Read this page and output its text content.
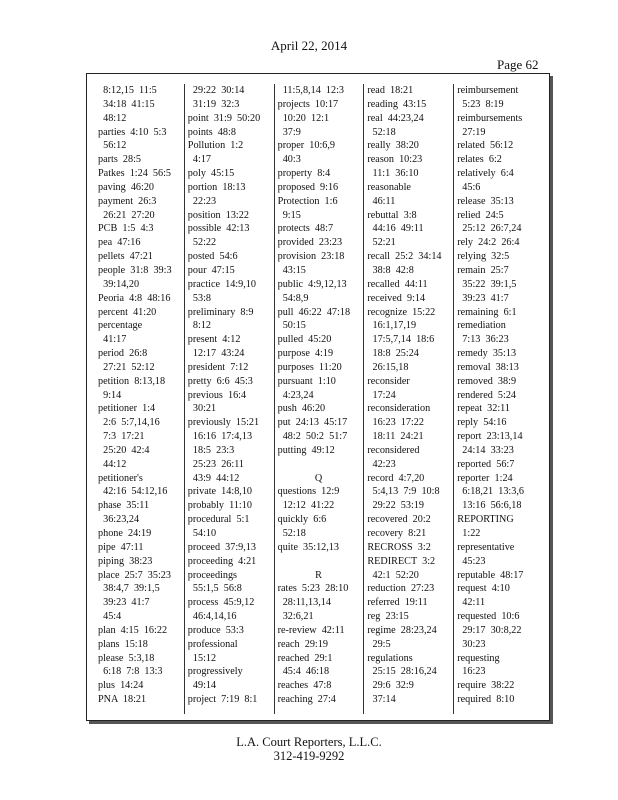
April 22, 2014
Page 62
8:12,15  11:5
34:18  41:15
48:12
parties  4:10  5:3
56:12
parts  28:5
Patkes  1:24  56:5
paving  46:20
payment  26:3
26:21  27:20
PCB  1:5  4:3
pea  47:16
pellets  47:21
people  31:8  39:3
39:14,20
Peoria  4:8  48:16
percent  41:20
percentage
41:17
period  26:8
27:21  52:12
petition  8:13,18
9:14
petitioner  1:4
2:6  5:7,14,16
7:3  17:21
25:20  42:4
44:12
petitioner's
42:16  54:12,16
phase  35:11
36:23,24
phone  24:19
pipe  47:11
piping  38:23
place  25:7  35:23
38:4,7  39:1,5
39:23  41:7
45:4
plan  4:15  16:22
plans  15:18
please  5:3,18
6:18  7:8  13:3
plus  14:24
PNA  18:21
29:22  30:14
31:19  32:3
point  31:9  50:20
points  48:8
Pollution  1:2
4:17
poly  45:15
portion  18:13
22:23
position  13:22
possible  42:13
52:22
posted  54:6
pour  47:15
practice  14:9,10
53:8
preliminary  8:9
8:12
present  4:12
12:17  43:24
president  7:12
pretty  6:6  45:3
previous  16:4
30:21
previously  15:21
16:16  17:4,13
18:5  23:3
25:23  26:11
43:9  44:12
private  14:8,10
probably  11:10
procedural  5:1
54:10
proceed  37:9,13
proceeding  4:21
proceedings
55:1,5  56:8
process  45:9,12
46:4,14,16
produce  53:3
professional
15:12
progressively
49:14
project  7:19  8:1
11:5,8,14  12:3
projects  10:17
10:20  12:1
37:9
proper  10:6,9
40:3
property  8:4
proposed  9:16
Protection  1:6
9:15
protects  48:7
provided  23:23
provision  23:18
43:15
public  4:9,12,13
54:8,9
pull  46:22  47:18
50:15
pulled  45:20
purpose  4:19
purposes  11:20
pursuant  1:10
4:23,24
push  46:20
put  24:13  45:17
48:2  50:2  51:7
putting  49:12
Q
questions  12:9
12:12  41:22
quickly  6:6
52:18
quite  35:12,13
R
rates  5:23  28:10
28:11,13,14
32:6,21
re-review  42:11
reach  29:19
reached  29:1
45:4  46:18
reaches  47:8
reaching  27:4
read  18:21
reading  43:15
real  44:23,24
52:18
really  38:20
reason  10:23
11:1  36:10
reasonable
46:11
rebuttal  3:8
44:16  49:11
52:21
recall  25:2  34:14
38:8  42:8
recalled  44:11
received  9:14
recognize  15:22
16:1,17,19
17:5,7,14  18:6
18:8  25:24
26:15,18
reconsider
17:24
reconsideration
16:23  17:22
18:11  24:21
reconsidered
42:23
record  4:7,20
5:4,13  7:9  10:8
29:22  53:19
recovered  20:2
recovery  8:21
RECROSS  3:2
REDIRECT  3:2
42:1  52:20
reduction  27:23
referred  19:11
reg  23:15
regime  28:23,24
29:5
regulations
25:15  28:16,24
29:6  32:9
37:14
reimbursement
5:23  8:19
reimbursements
27:19
related  56:12
relates  6:2
relatively  6:4
45:6
release  35:13
relied  24:5
25:12  26:7,24
rely  24:2  26:4
relying  32:5
remain  25:7
35:22  39:1,5
39:23  41:7
remaining  6:1
remediation
7:13  36:23
remedy  35:13
removal  38:13
removed  38:9
rendered  5:24
repeat  32:11
reply  54:16
report  23:13,14
24:14  33:23
reported  56:7
reporter  1:24
6:18,21  13:3,6
13:16  56:6,18
REPORTING
1:22
representative
45:23
reputable  48:17
request  4:10
42:11
requested  10:6
29:17  30:8,22
30:23
requesting
16:23
require  38:22
required  8:10
L.A. Court Reporters, L.L.C.
312-419-9292
